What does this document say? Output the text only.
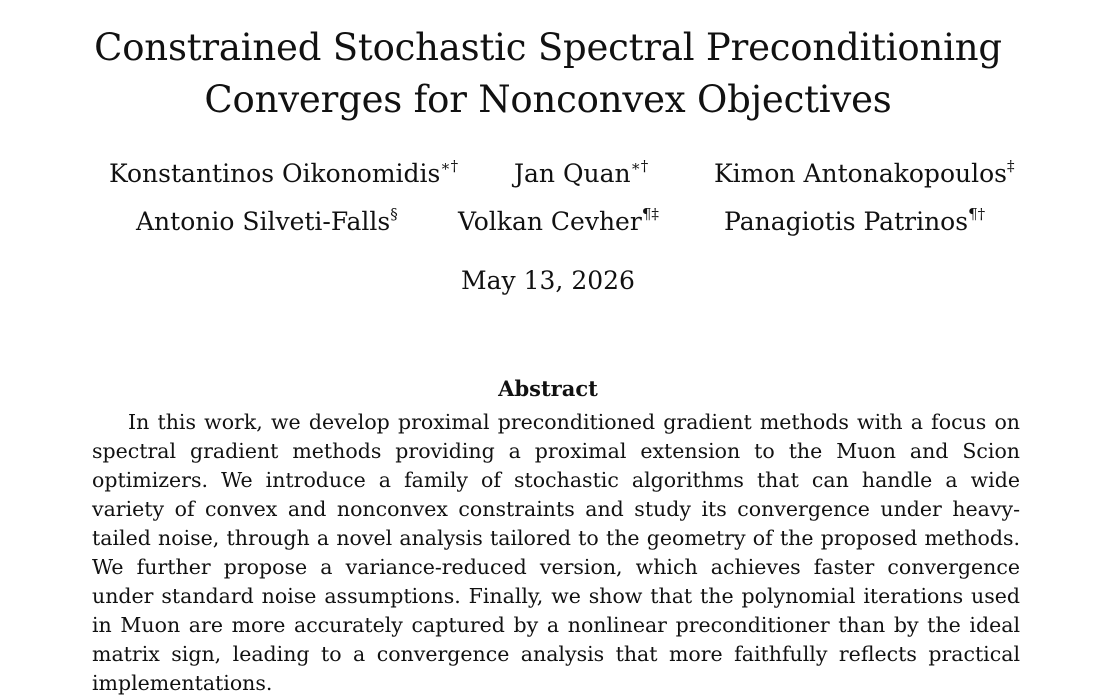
Constrained Stochastic Spectral Preconditioning Converges for Nonconvex Objectives
Konstantinos Oikonomidis∗† Jan Quan∗†	Kimon Antonakopoulos‡
Antonio Silveti-Falls§ Volkan Cevher¶‡	Panagiotis Patrinos¶†
May 13, 2026
Abstract
In this work, we develop proximal preconditioned gradient methods with a focus on spectral gradient methods providing a proximal extension to the Muon and Scion optimizers. We introduce a family of stochastic algorithms that can handle a wide variety of convex and nonconvex constraints and study its convergence under heavy-tailed noise, through a novel analysis tailored to the geometry of the proposed methods. We further propose a variance-reduced version, which achieves faster convergence under standard noise assumptions. Finally, we show that the polynomial iterations used in Muon are more accurately captured by a nonlinear preconditioner than by the ideal matrix sign, leading to a convergence analysis that more faithfully reflects practical implementations.
